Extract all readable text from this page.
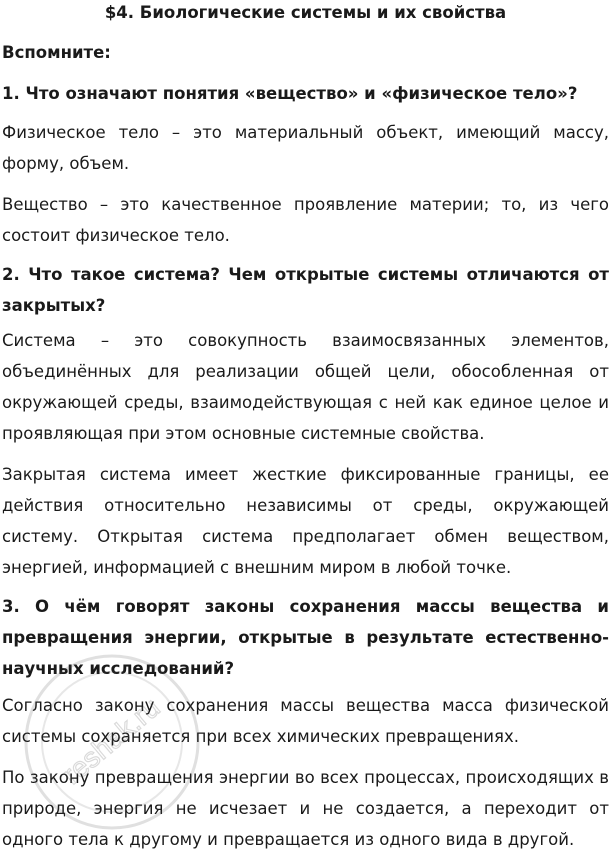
$4. Биологические системы и их свойства
Вспомните:
1. Что означают понятия «вещество» и «физическое тело»?
Физическое тело – это материальный объект, имеющий массу, форму, объем.
Вещество – это качественное проявление материи; то, из чего состоит физическое тело.
2. Что такое система? Чем открытые системы отличаются от закрытых?
Система – это совокупность взаимосвязанных элементов, объединённых для реализации общей цели, обособленная от окружающей среды, взаимодействующая с ней как единое целое и проявляющая при этом основные системные свойства.
Закрытая система имеет жесткие фиксированные границы, ее действия относительно независимы от среды, окружающей систему. Открытая система предполагает обмен веществом, энергией, информацией с внешним миром в любой точке.
3. О чём говорят законы сохранения массы вещества и превращения энергии, открытые в результате естественно-научных исследований?
Согласно закону сохранения массы вещества масса физической системы сохраняется при всех химических превращениях.
По закону превращения энергии во всех процессах, происходящих в природе, энергия не исчезает и не создается, а переходит от одного тела к другому и превращается из одного вида в другой.
reshak.ru
